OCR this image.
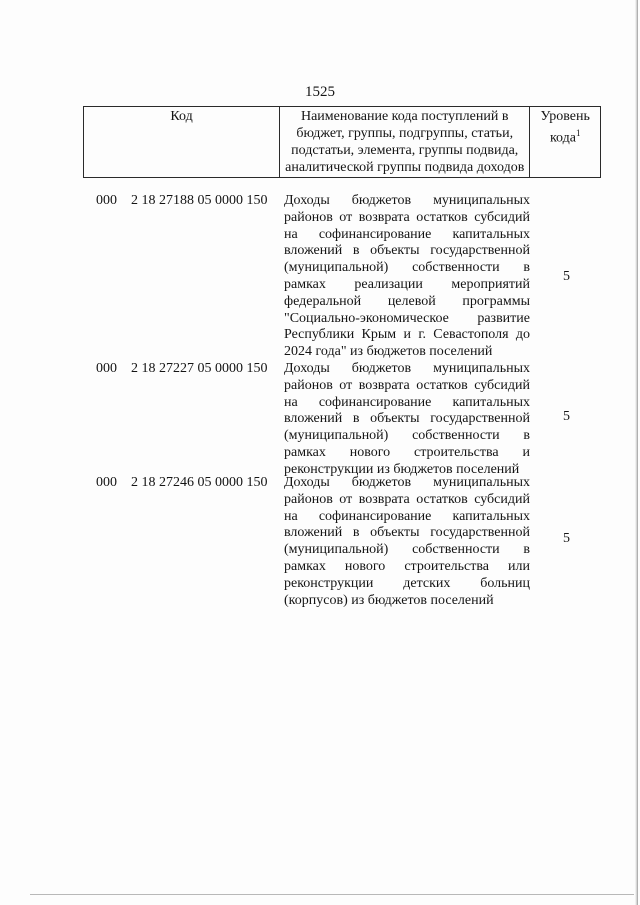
1525
Код	Наименование кода поступлений в бюджет, группы, подгруппы, статьи, подстатьи, элемента, группы подвида, аналитической группы подвида доходов	Уровень кода$^1$
000 2 18 27188 05 0000 150 Доходы бюджетов муниципальных районов от возврата остатков субсидий на софинансирование капитальных вложений в объекты государственной (муниципальной) собственности в рамках реализации мероприятий федеральной целевой программы "Социально-экономическое развитие Республики Крым и г. Севастополя до 2024 года" из бюджетов поселений
5
000 2 18 27227 05 0000 150 Доходы бюджетов муниципальных районов от возврата остатков субсидий на софинансирование капитальных вложений в объекты государственной (муниципальной) собственности в рамках нового строительства и реконструкции из бюджетов поселений
5
000 2 18 27246 05 0000 150 Доходы бюджетов муниципальных районов от возврата остатков субсидий на софинансирование капитальных вложений в объекты государственной (муниципальной) собственности в рамках нового строительства или реконструкции детских больниц (корпусов) из бюджетов поселений
5
